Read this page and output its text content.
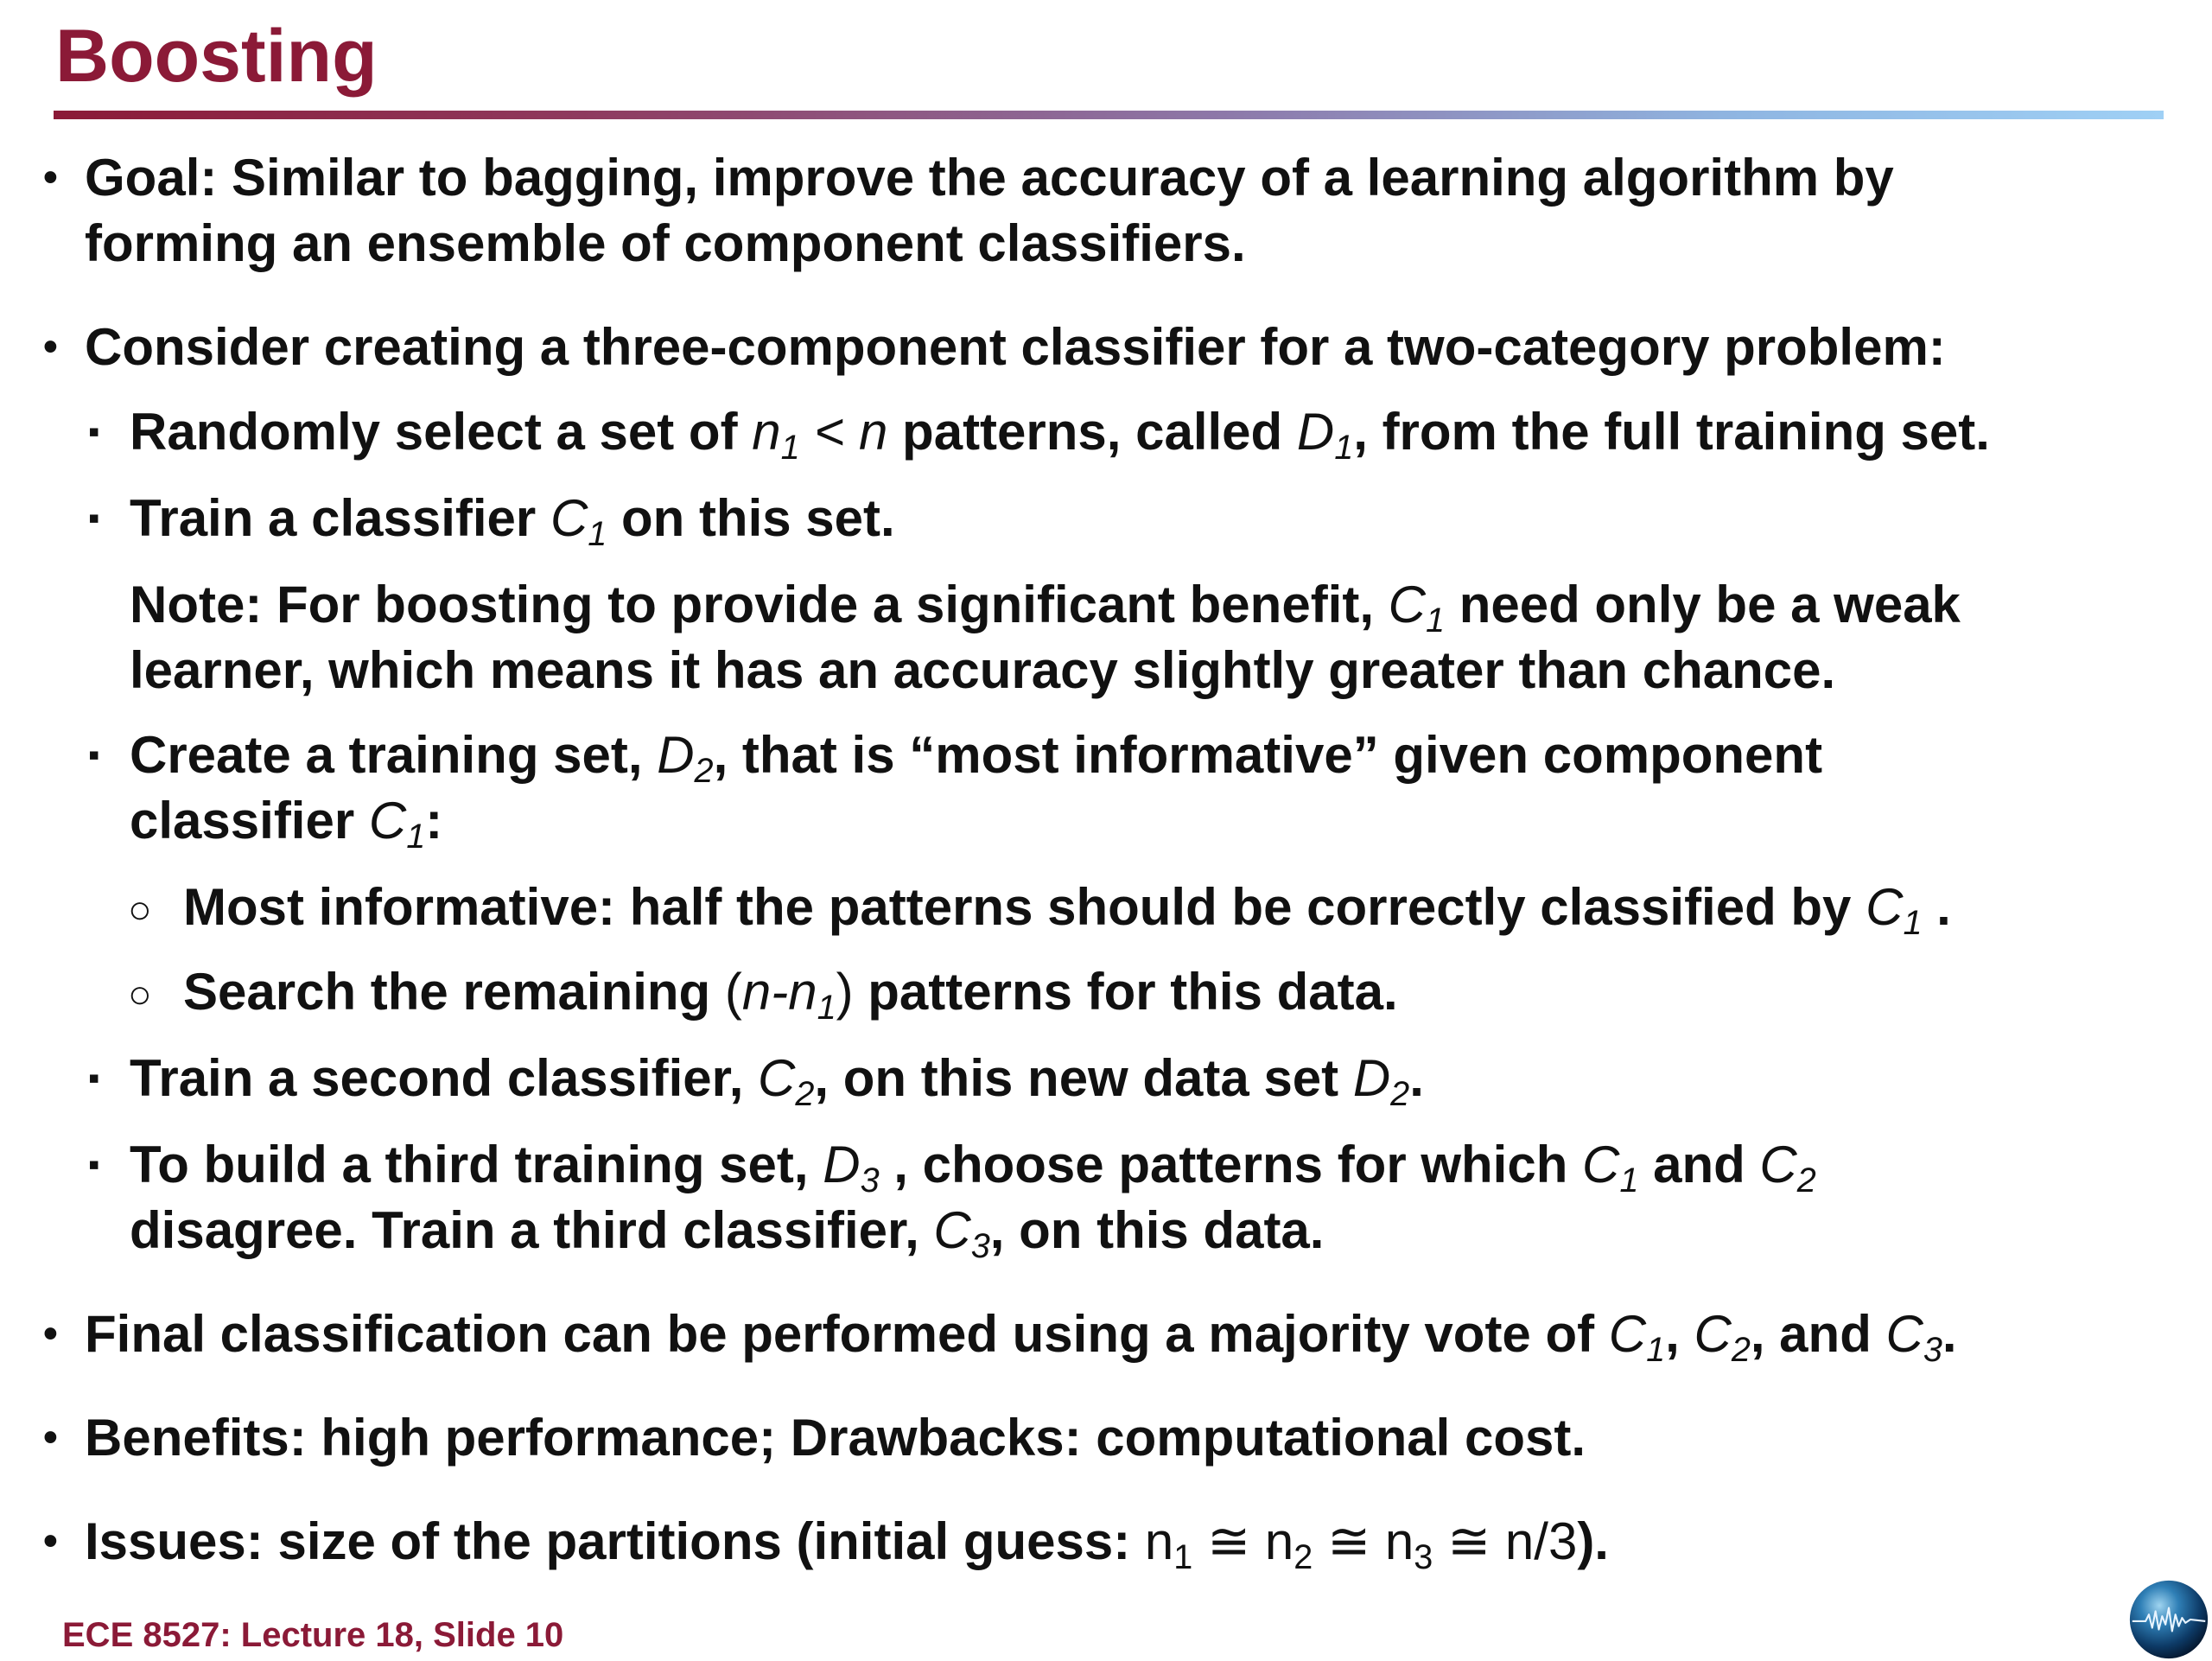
Boosting
• Goal: Similar to bagging, improve the accuracy of a learning algorithm by
forming an ensemble of component classifiers.
• Consider creating a three-component classifier for a two-category problem:
▪ Randomly select a set of $n_1 < n$ patterns, called $D_1$, from the full training set.
▪ Train a classifier $C_1$ on this set.
Note: For boosting to provide a significant benefit, $C_1$ need only be a weak
learner, which means it has an accuracy slightly greater than chance.
▪ Create a training set, $D_2$, that is “most informative” given component
classifier $C_1$:
○ Most informative: half the patterns should be correctly classified by $C_1$ .
○ Search the remaining $(n-n_1)$ patterns for this data.
▪ Train a second classifier, $C_2$, on this new data set $D_2$.
▪ To build a third training set, $D_3$ , choose patterns for which $C_1$ and $C_2$
disagree. Train a third classifier, $C_3$, on this data.
• Final classification can be performed using a majority vote of $C_1$, $C_2$, and $C_3$.
• Benefits: high performance; Drawbacks: computational cost.
• Issues: size of the partitions (initial guess: $n_1$ ≅ $n_2$ ≅ $n_3$ ≅ n/3).
ECE 8527: Lecture 18, Slide 10
